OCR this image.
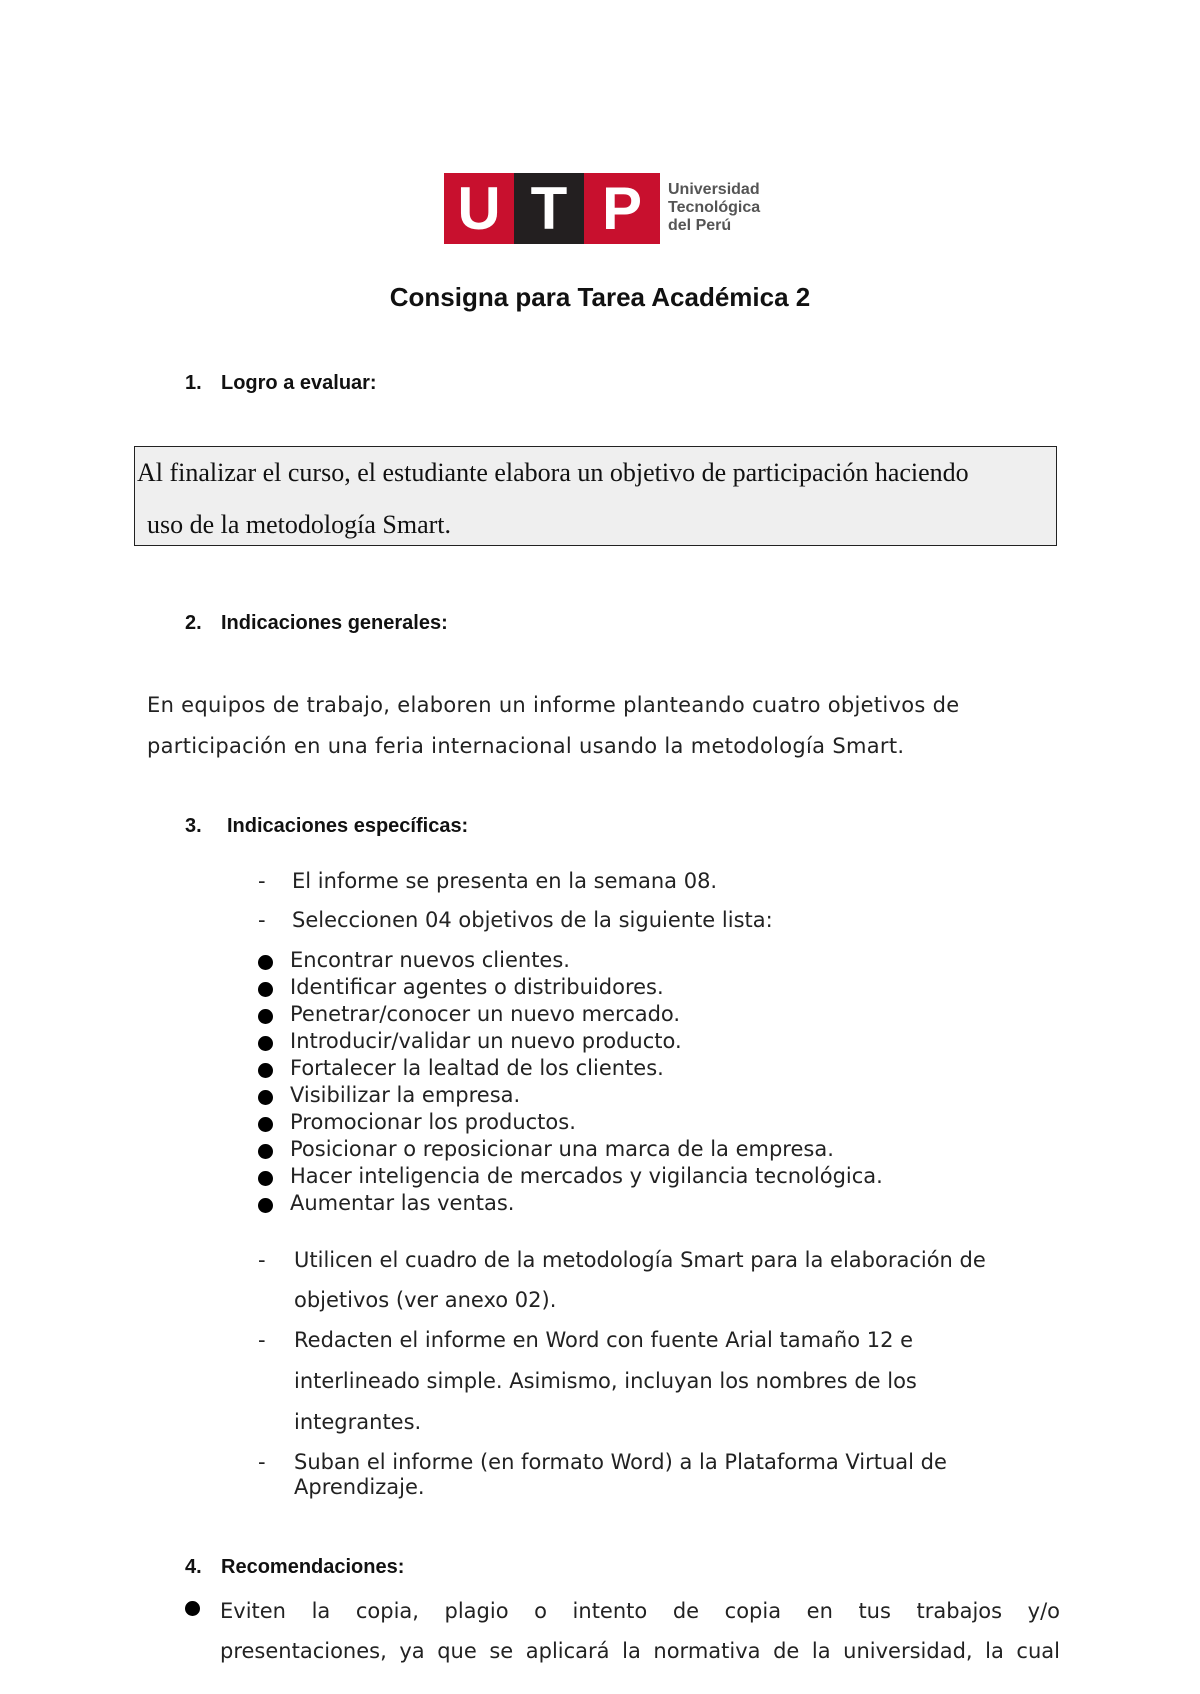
U T P	Universidad
Tecnológica
del Perú
Consigna para Tarea Académica 2
1. Logro a evaluar:
Al finalizar el curso, el estudiante elabora un objetivo de participación haciendo
uso de la metodología Smart.
2. Indicaciones generales:
En equipos de trabajo, elaboren un informe planteando cuatro objetivos de
participación en una feria internacional usando la metodología Smart.
3. Indicaciones específicas:
- El informe se presenta en la semana 08.
- Seleccionen 04 objetivos de la siguiente lista:
Encontrar nuevos clientes.
Identificar agentes o distribuidores.
Penetrar/conocer un nuevo mercado.
Introducir/validar un nuevo producto.
Fortalecer la lealtad de los clientes.
Visibilizar la empresa.
Promocionar los productos.
Posicionar o reposicionar una marca de la empresa.
Hacer inteligencia de mercados y vigilancia tecnológica.
Aumentar las ventas.
- Utilicen el cuadro de la metodología Smart para la elaboración de
objetivos (ver anexo 02).
- Redacten el informe en Word con fuente Arial tamaño 12 e
interlineado simple. Asimismo, incluyan los nombres de los
integrantes.
- Suban el informe (en formato Word) a la Plataforma Virtual de
Aprendizaje.
4. Recomendaciones:
Eviten la copia, plagio o intento de copia en tus trabajos y/o
presentaciones, ya que se aplicará la normativa de la universidad, la cual
